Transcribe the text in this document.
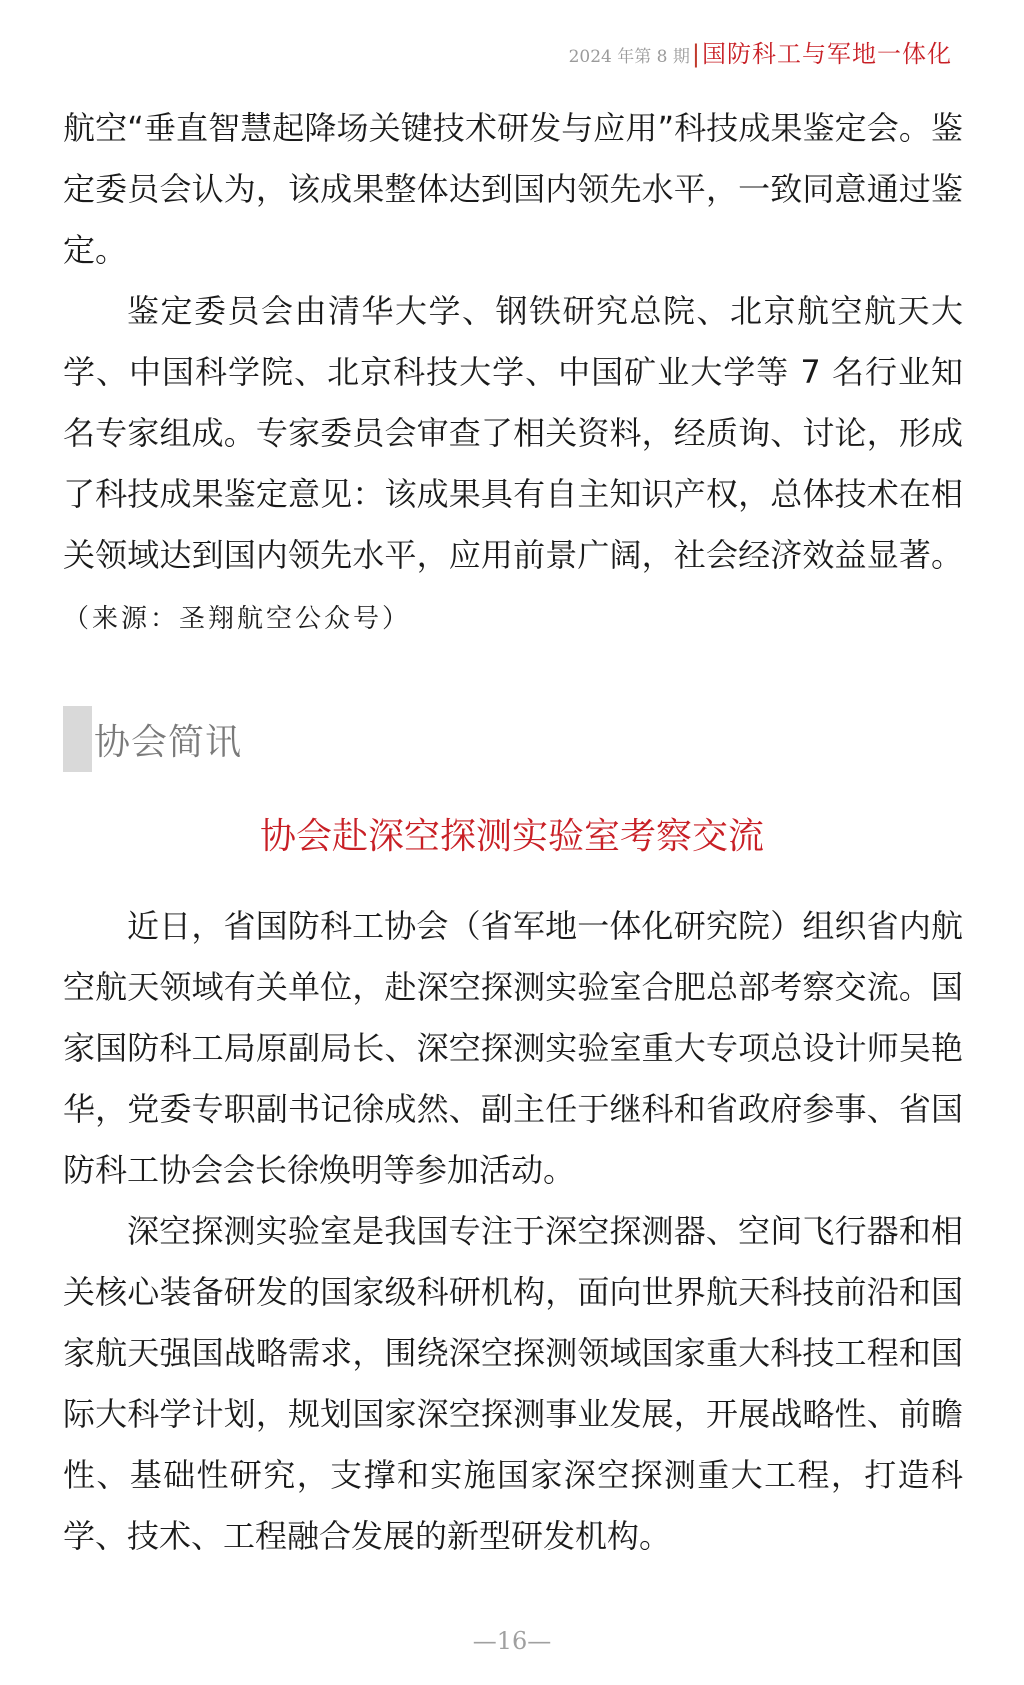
2024 年第 8 期|国防科工与军地一体化

航空“垂直智慧起降场关键技术研发与应用”科技成果鉴定会。鉴定委员会认为，该成果整体达到国内领先水平，一致同意通过鉴定。

鉴定委员会由清华大学、钢铁研究总院、北京航空航天大学、中国科学院、北京科技大学、中国矿业大学等 7 名行业知名专家组成。专家委员会审查了相关资料，经质询、讨论，形成了科技成果鉴定意见：该成果具有自主知识产权，总体技术在相关领域达到国内领先水平，应用前景广阔，社会经济效益显著。（来源：圣翔航空公众号）

协会简讯
协会赴深空探测实验室考察交流

近日，省国防科工协会（省军地一体化研究院）组织省内航空航天领域有关单位，赴深空探测实验室合肥总部考察交流。国家国防科工局原副局长、深空探测实验室重大专项总设计师吴艳华，党委专职副书记徐成然、副主任于继科和省政府参事、省国防科工协会会长徐焕明等参加活动。

深空探测实验室是我国专注于深空探测器、空间飞行器和相关核心装备研发的国家级科研机构，面向世界航天科技前沿和国家航天强国战略需求，围绕深空探测领域国家重大科技工程和国际大科学计划，规划国家深空探测事业发展，开展战略性、前瞻性、基础性研究，支撑和实施国家深空探测重大工程，打造科学、技术、工程融合发展的新型研发机构。

—16—
